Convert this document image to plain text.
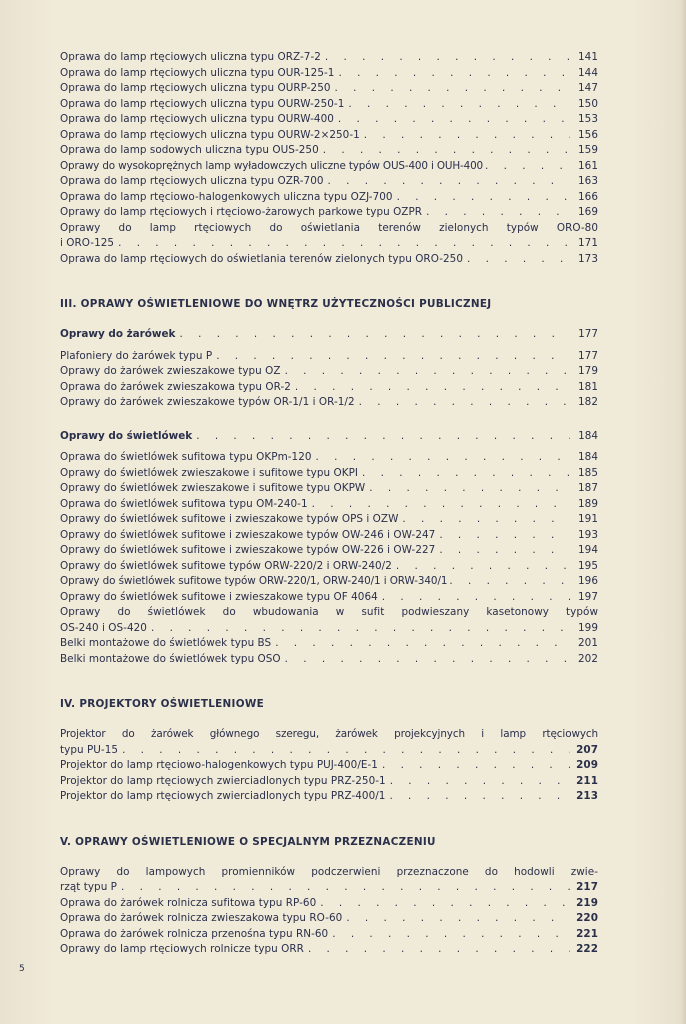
Oprawa do lamp rtęciowych uliczna typu ORZ-7-2 . . .	141
Oprawa do lamp rtęciowych uliczna typu OUR-125-1 . . .	144
Oprawa do lamp rtęciowych uliczna typu OURP-250 . . .	147
Oprawa do lamp rtęciowych uliczna typu OURW-250-1 . . .	150
Oprawa do lamp rtęciowych uliczna typu OURW-400 . . .	153
Oprawa do lamp rtęciowych uliczna typu OURW-2×250-1 . . .	156
Oprawa do lamp sodowych uliczna typu OUS-250 . . .	159
Oprawy do wysokoprężnych lamp wyładowczych uliczne typów OUS-400 i OUH-400 . . .	161
Oprawa do lamp rtęciowych uliczna typu OZR-700 . . .	163
Oprawa do lamp rtęciowo-halogenkowych uliczna typu OZJ-700 . . .	166
Oprawy do lamp rtęciowych i rtęciowo-żarowych parkowe typu OZPR . . .	169
Oprawy do lamp rtęciowych do oświetlania terenów zielonych typów ORO-80
i ORO-125 . . .	171
Oprawa do lamp rtęciowych do oświetlania terenów zielonych typu ORO-250 . . .	173
III. OPRAWY OŚWIETLENIOWE DO WNĘTRZ UŻYTECZNOŚCI PUBLICZNEJ
Oprawy do żarówek . . .	177
Plafoniery do żarówek typu P . . .	177
Oprawy do żarówek zwieszakowe typu OZ . . .	179
Oprawa do żarówek zwieszakowa typu OR-2 . . .	181
Oprawy do żarówek zwieszakowe typów OR-1/1 i OR-1/2 . . .	182
Oprawy do świetlówek . . .	184
Oprawa do świetlówek sufitowa typu OKPm-120 . . .	184
Oprawy do świetlówek zwieszakowe i sufitowe typu OKPI . . .	185
Oprawy do świetlówek zwieszakowe i sufitowe typu OKPW . . .	187
Oprawa do świetlówek sufitowa typu OM-240-1 . . .	189
Oprawy do świetlówek sufitowe i zwieszakowe typów OPS i OZW . . .	191
Oprawy do świetlówek sufitowe i zwieszakowe typów OW-246 i OW-247 . . .	193
Oprawy do świetlówek sufitowe i zwieszakowe typów OW-226 i OW-227 . . .	194
Oprawy do świetlówek sufitowe typów ORW-220/2 i ORW-240/2 . . .	195
Oprawy do świetlówek sufitowe typów ORW-220/1, ORW-240/1 i ORW-340/1 . . .	196
Oprawy do świetlówek sufitowe i zwieszakowe typu OF 4064 . . .	197
Oprawy do świetlówek do wbudowania w sufit podwieszany kasetonowy typów
OS-240 i OS-420 . . .	199
Belki montażowe do świetlówek typu BS . . .	201
Belki montażowe do świetlówek typu OSO . . .	202
IV. PROJEKTORY OŚWIETLENIOWE
Projektor do żarówek głównego szeregu, żarówek projekcyjnych i lamp rtęciowych
typu PU-15 . . .	207
Projektor do lamp rtęciowo-halogenkowych typu PUJ-400/E-1 . . .	209
Projektor do lamp rtęciowych zwierciadlonych typu PRZ-250-1 . . .	211
Projektor do lamp rtęciowych zwierciadlonych typu PRZ-400/1 . . .	213
V. OPRAWY OŚWIETLENIOWE O SPECJALNYM PRZEZNACZENIU
Oprawy do lampowych promienników podczerwieni przeznaczone do hodowli zwie-
rząt typu P . . .	217
Oprawa do żarówek rolnicza sufitowa typu RP-60 . . .	219
Oprawa do żarówek rolnicza zwieszakowa typu RO-60 . . .	220
Oprawa do żarówek rolnicza przenośna typu RN-60 . . .	221
Oprawy do lamp rtęciowych rolnicze typu ORR . . .	222
5
